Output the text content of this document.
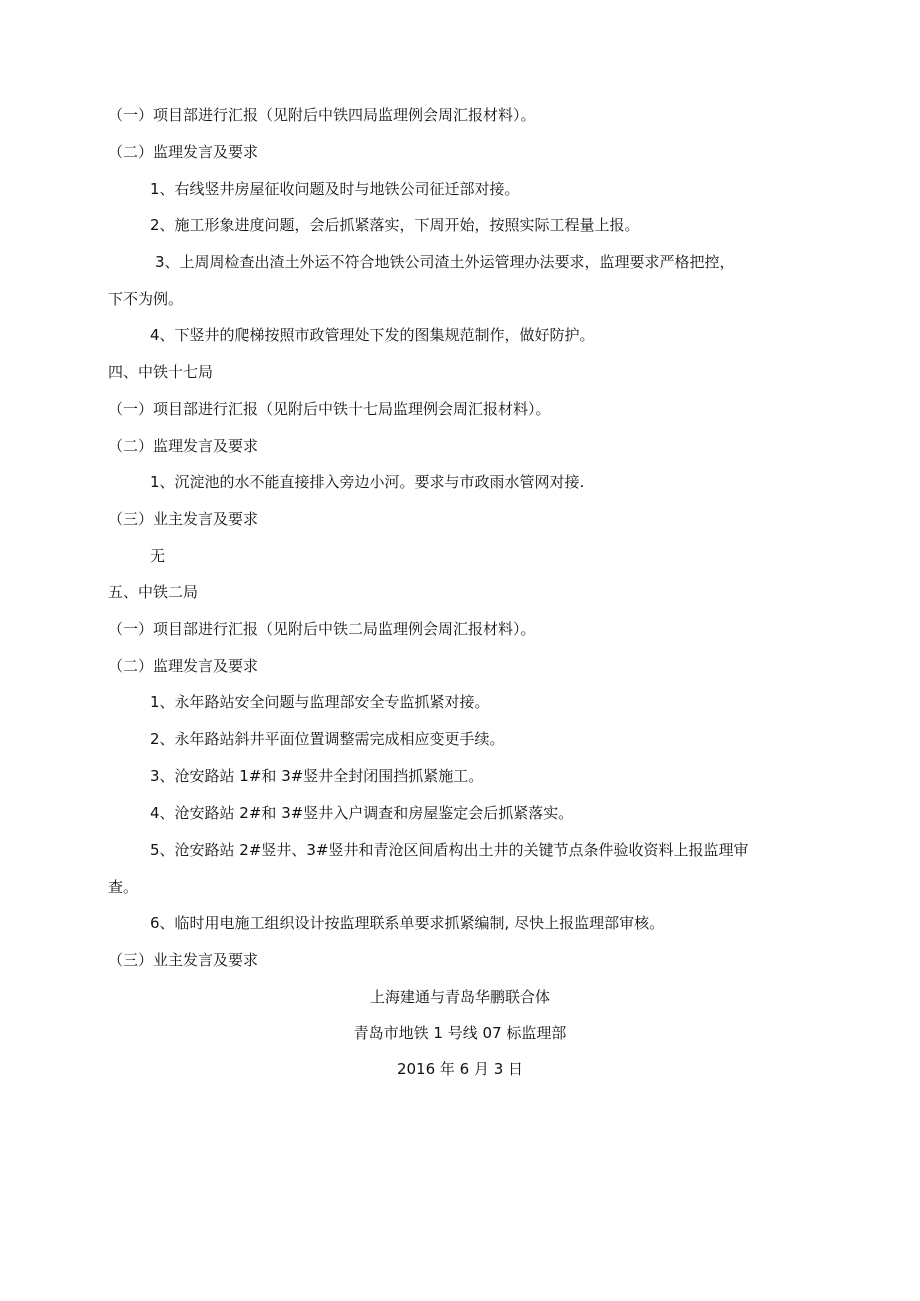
（一）项目部进行汇报（见附后中铁四局监理例会周汇报材料）。
（二）监理发言及要求
1、右线竖井房屋征收问题及时与地铁公司征迁部对接。
2、施工形象进度问题，会后抓紧落实，下周开始，按照实际工程量上报。
3、上周周检查出渣土外运不符合地铁公司渣土外运管理办法要求，监理要求严格把控，
下不为例。
4、下竖井的爬梯按照市政管理处下发的图集规范制作，做好防护。
四、中铁十七局
（一）项目部进行汇报（见附后中铁十七局监理例会周汇报材料）。
（二）监理发言及要求
1、沉淀池的水不能直接排入旁边小河。要求与市政雨水管网对接.
（三）业主发言及要求
无
五、中铁二局
（一）项目部进行汇报（见附后中铁二局监理例会周汇报材料）。
（二）监理发言及要求
1、永年路站安全问题与监理部安全专监抓紧对接。
2、永年路站斜井平面位置调整需完成相应变更手续。
3、沧安路站 1#和 3#竖井全封闭围挡抓紧施工。
4、沧安路站 2#和 3#竖井入户调查和房屋鉴定会后抓紧落实。
5、沧安路站 2#竖井、3#竖井和青沧区间盾构出土井的关键节点条件验收资料上报监理审
查。
6、临时用电施工组织设计按监理联系单要求抓紧编制, 尽快上报监理部审核。
（三）业主发言及要求
上海建通与青岛华鹏联合体
青岛市地铁 1 号线 07 标监理部
2016 年 6 月 3 日
